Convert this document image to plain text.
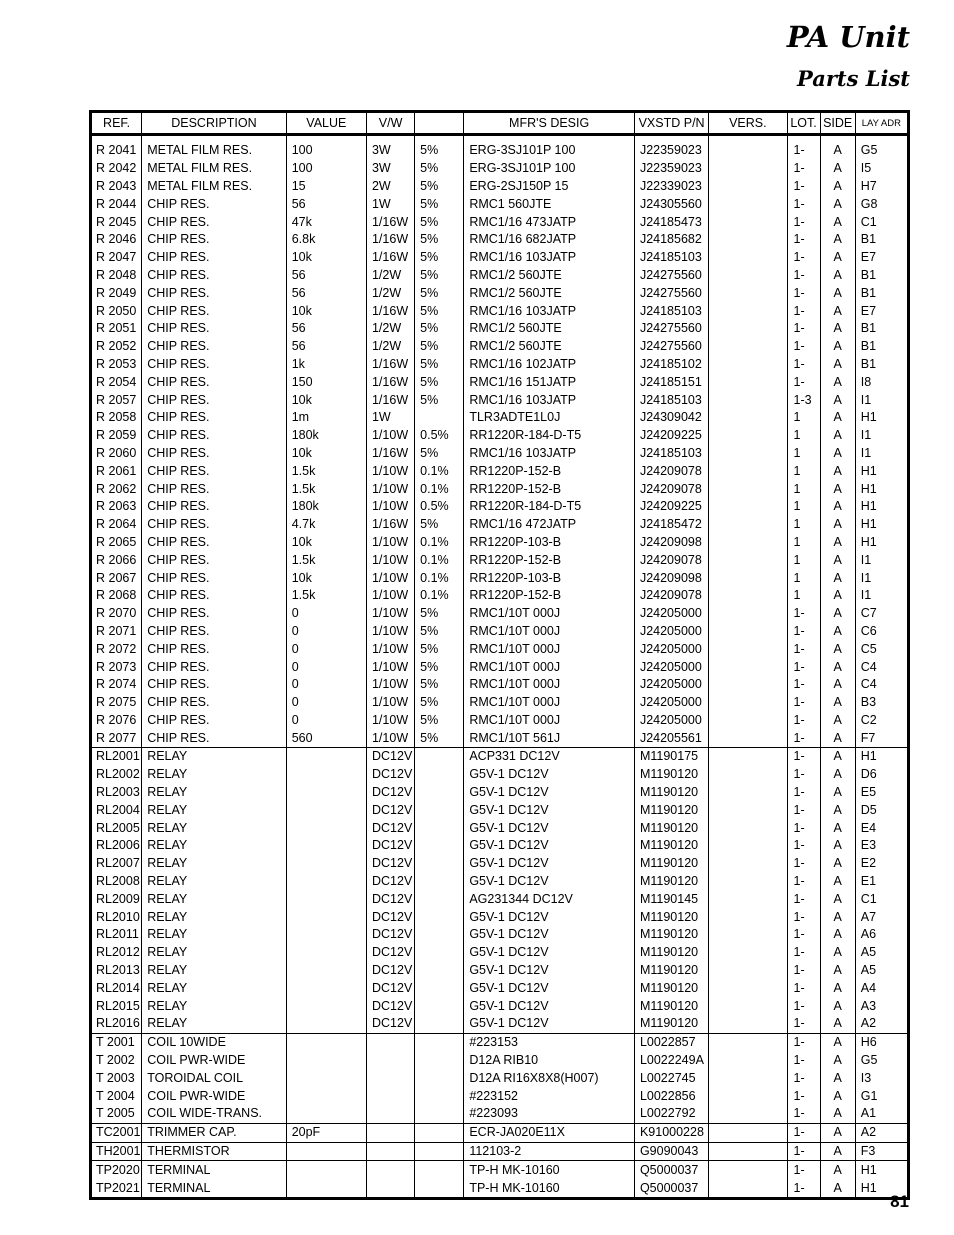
PA Unit
Parts List
REF.	DESCRIPTION	VALUE	V/W		MFR'S DESIG	VXSTD P/N	VERS.	LOT.	SIDE	LAY ADR

R 2041	METAL FILM RES.	100	3W	5%	ERG-3SJ101P 100	J22359023		1-	A	G5
R 2042	METAL FILM RES.	100	3W	5%	ERG-3SJ101P 100	J22359023		1-	A	I5
R 2043	METAL FILM RES.	15	2W	5%	ERG-2SJ150P 15	J22339023		1-	A	H7
R 2044	CHIP RES.	56	1W	5%	RMC1 560JTE	J24305560		1-	A	G8
R 2045	CHIP RES.	47k	1/16W	5%	RMC1/16 473JATP	J24185473		1-	A	C1
R 2046	CHIP RES.	6.8k	1/16W	5%	RMC1/16 682JATP	J24185682		1-	A	B1
R 2047	CHIP RES.	10k	1/16W	5%	RMC1/16 103JATP	J24185103		1-	A	E7
R 2048	CHIP RES.	56	1/2W	5%	RMC1/2 560JTE	J24275560		1-	A	B1
R 2049	CHIP RES.	56	1/2W	5%	RMC1/2 560JTE	J24275560		1-	A	B1
R 2050	CHIP RES.	10k	1/16W	5%	RMC1/16 103JATP	J24185103		1-	A	E7
R 2051	CHIP RES.	56	1/2W	5%	RMC1/2 560JTE	J24275560		1-	A	B1
R 2052	CHIP RES.	56	1/2W	5%	RMC1/2 560JTE	J24275560		1-	A	B1
R 2053	CHIP RES.	1k	1/16W	5%	RMC1/16 102JATP	J24185102		1-	A	B1
R 2054	CHIP RES.	150	1/16W	5%	RMC1/16 151JATP	J24185151		1-	A	I8
R 2057	CHIP RES.	10k	1/16W	5%	RMC1/16 103JATP	J24185103		1-3	A	I1
R 2058	CHIP RES.	1m	1W		TLR3ADTE1L0J	J24309042		1	A	H1
R 2059	CHIP RES.	180k	1/10W	0.5%	RR1220R-184-D-T5	J24209225		1	A	I1
R 2060	CHIP RES.	10k	1/16W	5%	RMC1/16 103JATP	J24185103		1	A	I1
R 2061	CHIP RES.	1.5k	1/10W	0.1%	RR1220P-152-B	J24209078		1	A	H1
R 2062	CHIP RES.	1.5k	1/10W	0.1%	RR1220P-152-B	J24209078		1	A	H1
R 2063	CHIP RES.	180k	1/10W	0.5%	RR1220R-184-D-T5	J24209225		1	A	H1
R 2064	CHIP RES.	4.7k	1/16W	5%	RMC1/16 472JATP	J24185472		1	A	H1
R 2065	CHIP RES.	10k	1/10W	0.1%	RR1220P-103-B	J24209098		1	A	H1
R 2066	CHIP RES.	1.5k	1/10W	0.1%	RR1220P-152-B	J24209078		1	A	I1
R 2067	CHIP RES.	10k	1/10W	0.1%	RR1220P-103-B	J24209098		1	A	I1
R 2068	CHIP RES.	1.5k	1/10W	0.1%	RR1220P-152-B	J24209078		1	A	I1
R 2070	CHIP RES.	0	1/10W	5%	RMC1/10T 000J	J24205000		1-	A	C7
R 2071	CHIP RES.	0	1/10W	5%	RMC1/10T 000J	J24205000		1-	A	C6
R 2072	CHIP RES.	0	1/10W	5%	RMC1/10T 000J	J24205000		1-	A	C5
R 2073	CHIP RES.	0	1/10W	5%	RMC1/10T 000J	J24205000		1-	A	C4
R 2074	CHIP RES.	0	1/10W	5%	RMC1/10T 000J	J24205000		1-	A	C4
R 2075	CHIP RES.	0	1/10W	5%	RMC1/10T 000J	J24205000		1-	A	B3
R 2076	CHIP RES.	0	1/10W	5%	RMC1/10T 000J	J24205000		1-	A	C2
R 2077	CHIP RES.	560	1/10W	5%	RMC1/10T 561J	J24205561		1-	A	F7
RL2001	RELAY		DC12V		ACP331 DC12V	M1190175		1-	A	H1
RL2002	RELAY		DC12V		G5V-1 DC12V	M1190120		1-	A	D6
RL2003	RELAY		DC12V		G5V-1 DC12V	M1190120		1-	A	E5
RL2004	RELAY		DC12V		G5V-1 DC12V	M1190120		1-	A	D5
RL2005	RELAY		DC12V		G5V-1 DC12V	M1190120		1-	A	E4
RL2006	RELAY		DC12V		G5V-1 DC12V	M1190120		1-	A	E3
RL2007	RELAY		DC12V		G5V-1 DC12V	M1190120		1-	A	E2
RL2008	RELAY		DC12V		G5V-1 DC12V	M1190120		1-	A	E1
RL2009	RELAY		DC12V		AG231344 DC12V	M1190145		1-	A	C1
RL2010	RELAY		DC12V		G5V-1 DC12V	M1190120		1-	A	A7
RL2011	RELAY		DC12V		G5V-1 DC12V	M1190120		1-	A	A6
RL2012	RELAY		DC12V		G5V-1 DC12V	M1190120		1-	A	A5
RL2013	RELAY		DC12V		G5V-1 DC12V	M1190120		1-	A	A5
RL2014	RELAY		DC12V		G5V-1 DC12V	M1190120		1-	A	A4
RL2015	RELAY		DC12V		G5V-1 DC12V	M1190120		1-	A	A3
RL2016	RELAY		DC12V		G5V-1 DC12V	M1190120		1-	A	A2
T 2001	COIL 10WIDE				#223153	L0022857		1-	A	H6
T 2002	COIL PWR-WIDE				D12A RIB10	L0022249A		1-	A	G5
T 2003	TOROIDAL COIL				D12A RI16X8X8(H007)	L0022745		1-	A	I3
T 2004	COIL PWR-WIDE				#223152	L0022856		1-	A	G1
T 2005	COIL WIDE-TRANS.				#223093	L0022792		1-	A	A1
TC2001	TRIMMER CAP.	20pF			ECR-JA020E11X	K91000228		1-	A	A2
TH2001	THERMISTOR				112103-2	G9090043		1-	A	F3
TP2020	TERMINAL				TP-H MK-10160	Q5000037		1-	A	H1
TP2021	TERMINAL				TP-H MK-10160	Q5000037		1-	A	H1
81
